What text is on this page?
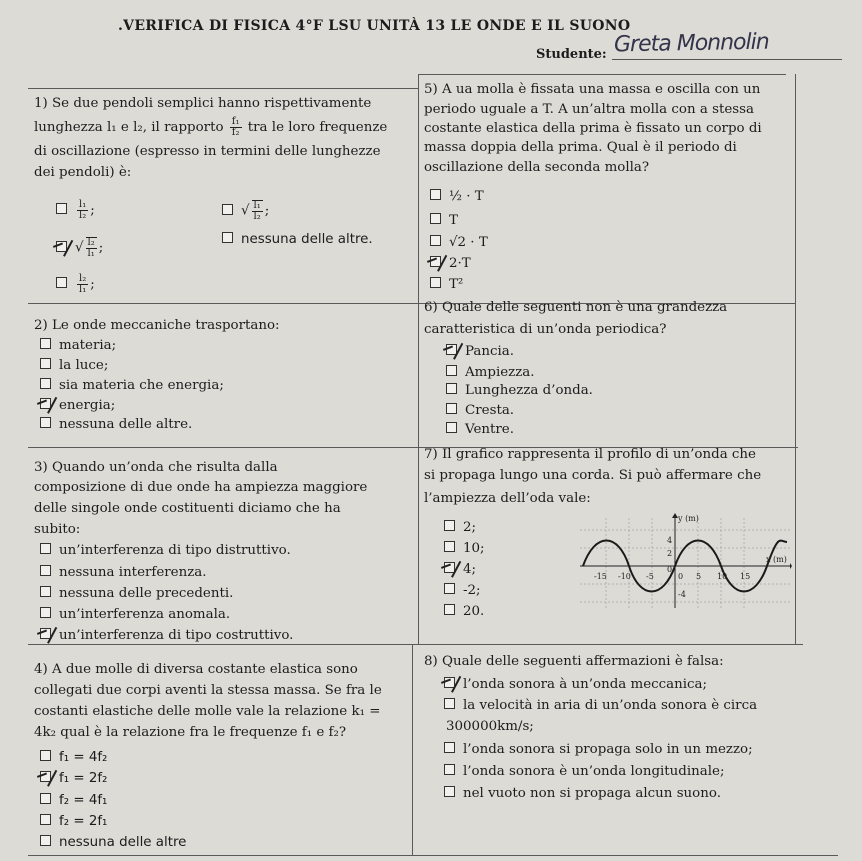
.VERIFICA DI FISICA 4°F LSU UNITÀ 13 LE ONDE E IL SUONO
Studente: Greta Monnolin
1) Se due pendoli semplici hanno rispettivamente
lunghezza l₁ e l₂, il rapporto $\frac{\text{f₁}}{\text{f₂}}$ tra le loro frequenze
di oscillazione (espresso in termini delle lunghezze
dei pendoli) è:
$\frac{\text{l₁}}{\text{l₂}}$ ;	√ $\frac{\text{l₁}}{\text{l₂}}$ ;
√ $\frac{\text{l₂}}{\text{l₁}}$ ;
nessuna delle altre.
$\frac{\text{l₂}}{\text{l₁}}$ ;
5) A ua molla è fissata una massa e oscilla con un
periodo uguale a T. A un’altra molla con a stessa
costante elastica della prima è fissato un corpo di
massa doppia della prima. Qual è il periodo di
oscillazione della seconda molla?
½ · T
T
√2 · T
2·T
T²
2) Le onde meccaniche trasportano:
materia;
la luce;
sia materia che energia;
energia;
nessuna delle altre.
6) Quale delle seguenti non è una grandezza
caratteristica di un’onda periodica?
Pancia.
Ampiezza.
Lunghezza d’onda.
Cresta.
Ventre.
3) Quando un’onda che risulta dalla
composizione di due onde ha ampiezza maggiore
delle singole onde costituenti diciamo che ha
subito:
un’interferenza di tipo distruttivo.
nessuna interferenza.
nessuna delle precedenti.
un’interferenza anomala.
un’interferenza di tipo costruttivo.
7) Il grafico rappresenta il profilo di un’onda che
si propaga lungo una corda. Si può affermare che
l’ampiezza dell’oda vale:
2;
10;
4;
-2;
20.
y (m)
x (m)
4
2
0
-4
-15 -10 -5	0 5 10 15
4) A due molle di diversa costante elastica sono
collegati due corpi aventi la stessa massa. Se fra le
costanti elastiche delle molle vale la relazione k₁ =
4k₂ qual è la relazione fra le frequenze f₁ e f₂?
f₁ = 4f₂
f₁ = 2f₂
f₂ = 4f₁
f₂ = 2f₁
nessuna delle altre
8) Quale delle seguenti affermazioni è falsa:
l’onda sonora à un’onda meccanica;
la velocità in aria di un’onda sonora è circa
300000km/s;
l’onda sonora si propaga solo in un mezzo;
l’onda sonora è un’onda longitudinale;
nel vuoto non si propaga alcun suono.
